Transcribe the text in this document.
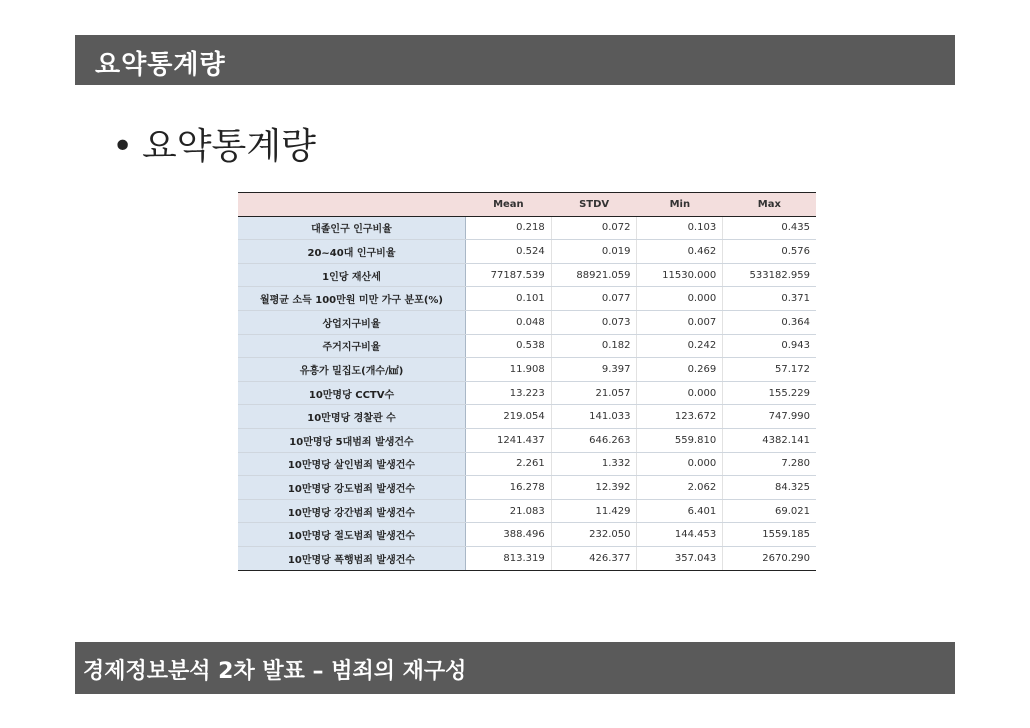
요약통계량
• 요약통계량
	Mean	STDV	Min	Max
대졸인구 인구비율	0.218	0.072	0.103	0.435
20~40대 인구비율	0.524	0.019	0.462	0.576
1인당 재산세	77187.539	88921.059	11530.000	533182.959
월평균 소득 100만원 미만 가구 분포(%)	0.101	0.077	0.000	0.371
상업지구비율	0.048	0.073	0.007	0.364
주거지구비율	0.538	0.182	0.242	0.943
유흥가 밀집도(개수/㎢)	11.908	9.397	0.269	57.172
10만명당 CCTV수	13.223	21.057	0.000	155.229
10만명당 경찰관 수	219.054	141.033	123.672	747.990
10만명당 5대범죄 발생건수	1241.437	646.263	559.810	4382.141
10만명당 살인범죄 발생건수	2.261	1.332	0.000	7.280
10만명당 강도범죄 발생건수	16.278	12.392	2.062	84.325
10만명당 강간범죄 발생건수	21.083	11.429	6.401	69.021
10만명당 절도범죄 발생건수	388.496	232.050	144.453	1559.185
10만명당 폭행범죄 발생건수	813.319	426.377	357.043	2670.290
경제정보분석 2차 발표 – 범죄의 재구성
